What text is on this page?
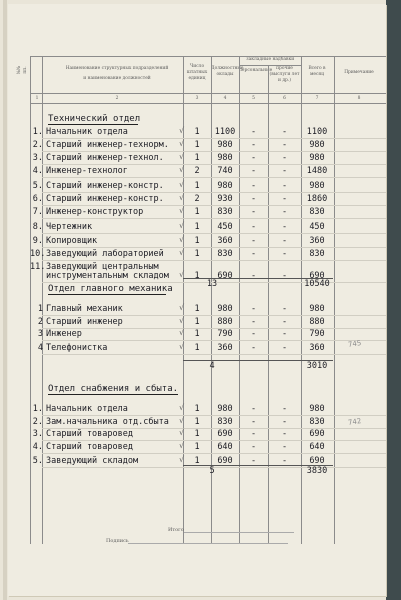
№№ пп.	Наименование структурных подразделений
и наименование должностей
Число штатных единиц
Должностные оклады
Закладные надбавки
персональные прочие (выслуги лет и др.)
Всего в месяц	Примечание
1	2	3	4	5	6	7	8
Технический отдел
1. Начальник отдела	1	1100	-	-	1100
√
2. Старший инженер-технорм.	1	980	-	-	980
√
3. Старший инженер-технол.	1	980	-	-	980
√
4. Инженер-технолог	2	740	-	-	1480
√
5. Старший инженер-констр.	1	980	-	-	980
√
6. Старший инженер-констр.	2	930	-	-	1860
√
7. Инженер-конструктор	1	830	-	-	830
√
8. Чертежник	1	450	-	-	450
√
9. Копировщик	1	360	-	-	360
√
10. Заведующий лабораторией	1	830	-	-	830
√
11. Заведующий центральным
инструментальным складом	1	690	-	-	690
√
13	10540
Отдел главного механика
1 Главный механик	1	980	-	-	980
√
2 Старший инженер	1	880	-	-	880
√
3 Инженер	1	790	-	-	790
√
4 Телефонистка	1	360	-	-	360
√
4	3010
Отдел снабжения и сбыта.
1. Начальник отдела	1	980	-	-	980
√
2. Зам.начальника отд.сбыта	1	830	-	-	830
√
3. Старший товаровед	1	690	-	-	690
√
4. Старший товаровед	1	640	-	-	640
√
5. Заведующий складом	1	690	-	-	690
√
5	3830
Итого
Подпись
745
742
